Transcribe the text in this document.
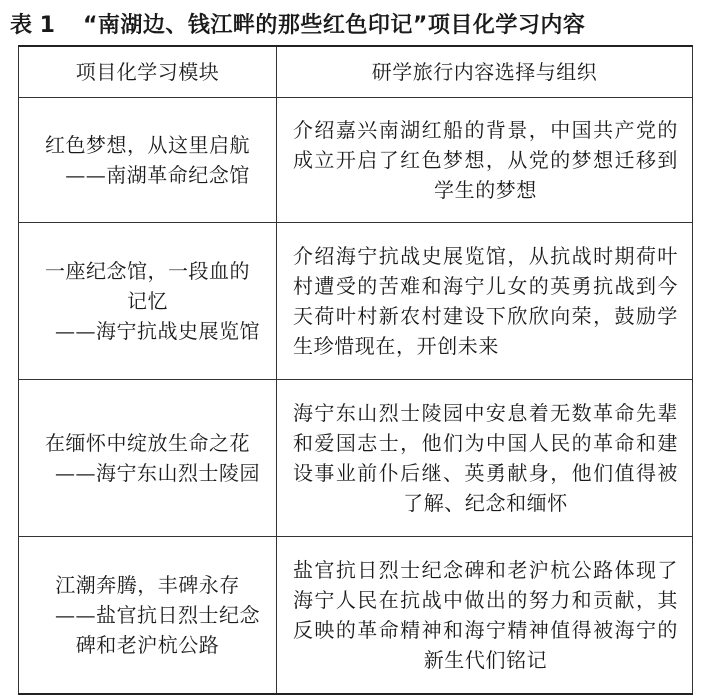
表 1 “南湖边、钱江畔的那些红色印记”项目化学习内容
项目化学习模块	研学旅行内容选择与组织

红色梦想，从这里启航
——南湖革命纪念馆	介绍嘉兴南湖红船的背景，中国共产党的成立开启了红色梦想，从党的梦想迁移到学生的梦想

一座纪念馆，一段血的
记忆
——海宁抗战史展览馆	介绍海宁抗战史展览馆，从抗战时期荷叶村遭受的苦难和海宁儿女的英勇抗战到今天荷叶村新农村建设下欣欣向荣，鼓励学生珍惜现在，开创未来

在缅怀中绽放生命之花
——海宁东山烈士陵园	海宁东山烈士陵园中安息着无数革命先辈和爱国志士，他们为中国人民的革命和建设事业前仆后继、英勇献身，他们值得被了解、纪念和缅怀

江潮奔腾，丰碑永存
——盐官抗日烈士纪念
碑和老沪杭公路	盐官抗日烈士纪念碑和老沪杭公路体现了海宁人民在抗战中做出的努力和贡献，其反映的革命精神和海宁精神值得被海宁的新生代们铭记
